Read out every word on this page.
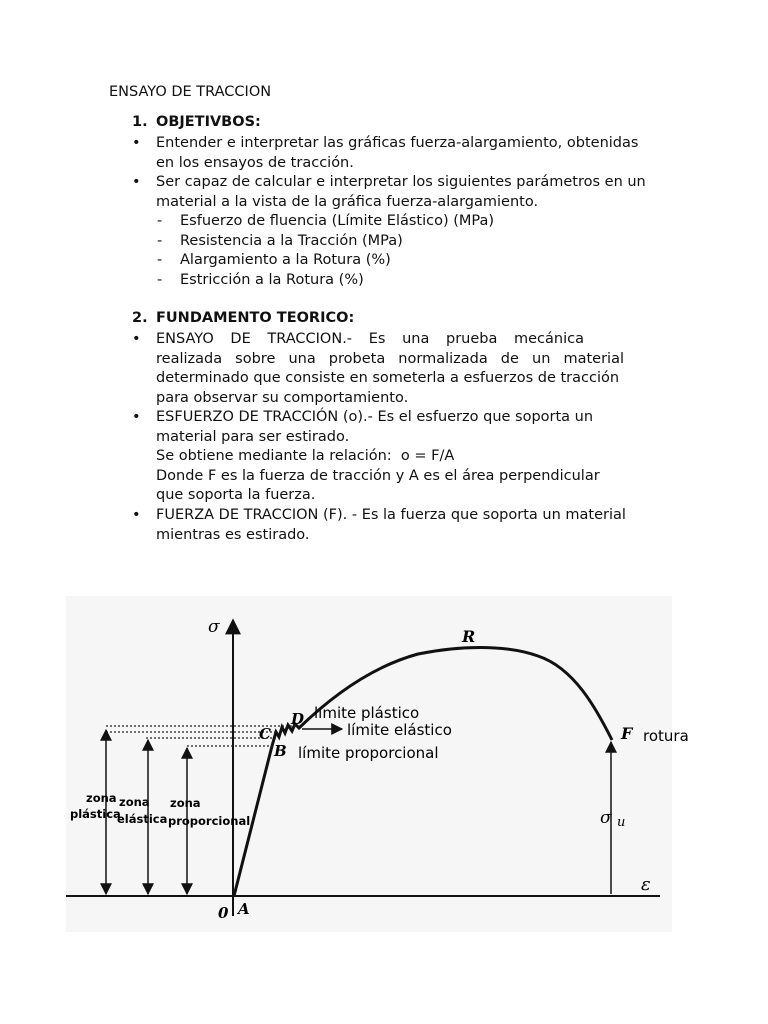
ENSAYO DE TRACCION
1. OBJETIVBOS:
• Entender e interpretar las gráficas fuerza-alargamiento, obtenidas en los ensayos de tracción.
• Ser capaz de calcular e interpretar los siguientes parámetros en un material a la vista de la gráfica fuerza-alargamiento.
- Esfuerzo de fluencia (Límite Elástico) (MPa)
- Resistencia a la Tracción (MPa)
- Alargamiento a la Rotura (%)
- Estricción a la Rotura (%)
2. FUNDAMENTO TEORICO:
• ENSAYO DE TRACCION.- Es una prueba mecánica
realizada sobre una probeta normalizada de un material
determinado que consiste en someterla a esfuerzos de tracción
para observar su comportamiento.
• ESFUERZO DE TRACCIÓN (o).- Es el esfuerzo que soporta un
material para ser estirado.
Se obtiene mediante la relación:  o = F/A
Donde F es la fuerza de tracción y A es el área perpendicular
que soporta la fuerza.
• FUERZA DE TRACCION (F). - Es la fuerza que soporta un material
mientras es estirado.
σ
ε
0 A
B
C
D
R
F
límite plástico
límite elástico
límite proporcional
rotura
σ u
zona
plástica
zona
elástica
zona
proporcional
